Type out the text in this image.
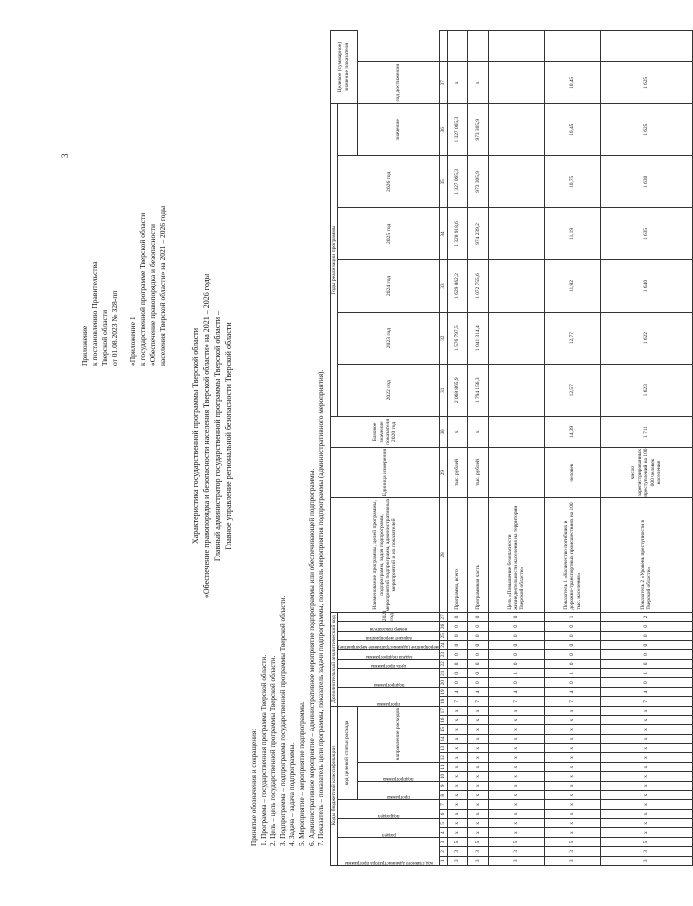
3
Приложение к постановлению Правительства Тверской области от 01.08.2023 № 328-пп «Приложение 1 к государственной программе Тверской области «Обеспечение правопорядка и безопасности населения Тверской области» на 2021 – 2026 годы
Характеристика государственной программы Тверской области «Обеспечение правопорядка и безопасности населения Тверской области» на 2021 – 2026 годы Главный администратор государственной программы Тверской области – Главное управление региональной безопасности Тверской области
Принятые обозначения и сокращения: 1. Программа – государственная программа Тверской области. 2. Цель – цель государственной программы Тверской области. 3. Подпрограмма – подпрограмма государственной программы Тверской области. 4. Задача – задача подпрограммы. 5. Мероприятие – мероприятие подпрограммы. 6. Административное мероприятие – административное мероприятие подпрограммы или обеспечивающей подпрограммы. 7. Показатель – показатель цели программы, показатель задачи подпрограммы, показатель мероприятия подпрограммы (административного мероприятия). Коды бюджетной классификации																	Дополнительный аналитический код										Наименование программы, целей программы, подпрограмм, задач подпрограмм, мероприятий подпрограмм, административных мероприятий и их показателей	Единица измерения	Базовое значение показателя 2020 год	Годы реализации программы						Целевое (суммарное) значение показателя	

код главного администратора программы			раздел		подраздел		код целевой статьи расхода										программа		подпрограмма		цель программы	задача подпрограммы	мероприятие (административное мероприятие)	вариант мероприятия	номер показателя	2021 год				2022 год	2023 год	2024 год	2025 год	2026 год			

							программа		подпрограмма		направление расходов																								значение	год достижения	
1	2	3	4	5	6	7	8	9	10	11	12	13	14	15	16	17	18	19	20	21	22	23	24	25	26	27	28	29	30	31	32	33	34	35	36	37	
3	3	5	х	х	х	х	х	х	х	х	х	х	х	х	х	х	7	4	0	0	0	0	0	0	0	0	Программа, всего	тыс. рублей	х	2 068 865,9	1 576 797,5	1 629 862,2	1 328 918,6	1 327 065,3	1 327 065,3	х	
3	3	5	х	х	х	х	х	х	х	х	х	х	х	х	х	х	7	4	0	0	0	0	0	0	0	0	Программная часть	тыс. рублей	х	1 794 156,3	1 041 314,4	1 072 755,6	974 239,2	973 305,9	973 305,9	х	
3	3	5	х	х	х	х	х	х	х	х	х	х	х	х	х	х	7	4	0	1	0	0	0	0	0	0	Цель «Повышение безопасности жизнедеятельности населения на территории Тверской области»										
3	3	5	х	х	х	х	х	х	х	х	х	х	х	х	х	х	7	4	0	1	0	0	0	0	0	1	Показатель 1 «Количество погибших в дорожно-транспортных происшествиях на 100 тыс. населения»	человек	14,39	12,57	12,77	11,82	11,19	10,75	10,45	10,45	
3	3	5	х	х	х	х	х	х	х	х	х	х	х	х	х	х	7	4	0	1	0	0	0	0	0	2	Показатель 2 «Уровень преступности в Тверской области»	число зарегистрированных преступлений на 100 000 человек населения	1 711	1 623	1 622	1 640	1 635	1 630	1 625	1 625	
